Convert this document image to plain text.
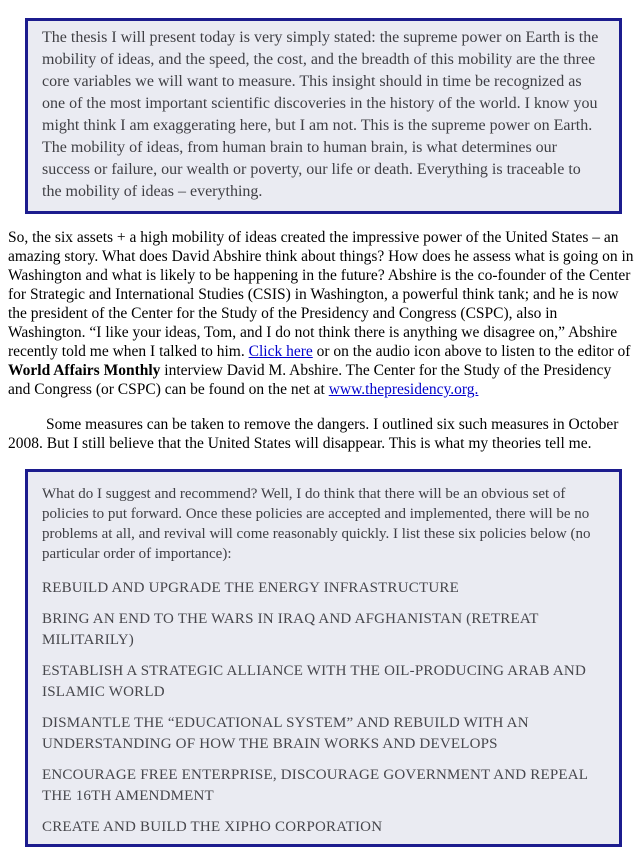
The thesis I will present today is very simply stated: the supreme power on Earth is the mobility of ideas, and the speed, the cost, and the breadth of this mobility are the three core variables we will want to measure. This insight should in time be recognized as one of the most important scientific discoveries in the history of the world. I know you might think I am exaggerating here, but I am not. This is the supreme power on Earth. The mobility of ideas, from human brain to human brain, is what determines our success or failure, our wealth or poverty, our life or death. Everything is traceable to the mobility of ideas – everything.

So, the six assets + a high mobility of ideas created the impressive power of the United States – an amazing story. What does David Abshire think about things? How does he assess what is going on in Washington and what is likely to be happening in the future? Abshire is the co-founder of the Center for Strategic and International Studies (CSIS) in Washington, a powerful think tank; and he is now the president of the Center for the Study of the Presidency and Congress (CSPC), also in Washington. “I like your ideas, Tom, and I do not think there is anything we disagree on,” Abshire recently told me when I talked to him. Click here or on the audio icon above to listen to the editor of World Affairs Monthly interview David M. Abshire. The Center for the Study of the Presidency and Congress (or CSPC) can be found on the net at www.thepresidency.org.

Some measures can be taken to remove the dangers. I outlined six such measures in October 2008. But I still believe that the United States will disappear. This is what my theories tell me.

What do I suggest and recommend? Well, I do think that there will be an obvious set of policies to put forward. Once these policies are accepted and implemented, there will be no problems at all, and revival will come reasonably quickly. I list these six policies below (no particular order of importance):

REBUILD AND UPGRADE THE ENERGY INFRASTRUCTURE
BRING AN END TO THE WARS IN IRAQ AND AFGHANISTAN (RETREAT MILITARILY)
ESTABLISH A STRATEGIC ALLIANCE WITH THE OIL-PRODUCING ARAB AND ISLAMIC WORLD
DISMANTLE THE “EDUCATIONAL SYSTEM” AND REBUILD WITH AN UNDERSTANDING OF HOW THE BRAIN WORKS AND DEVELOPS
ENCOURAGE FREE ENTERPRISE, DISCOURAGE GOVERNMENT AND REPEAL THE 16TH AMENDMENT
CREATE AND BUILD THE XIPHO CORPORATION
